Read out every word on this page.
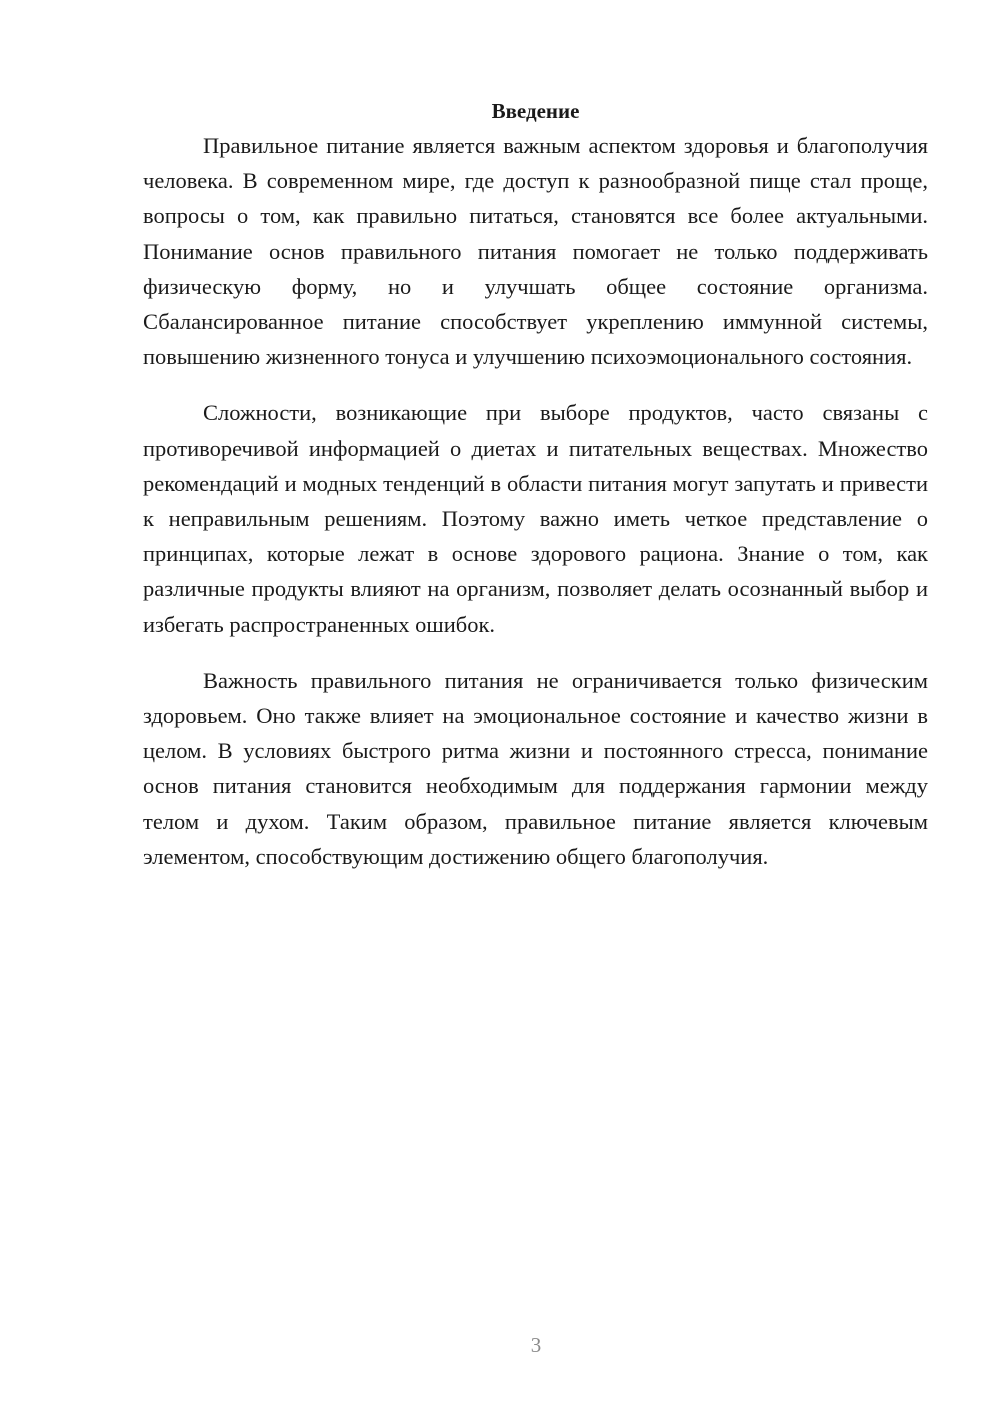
Введение

Правильное питание является важным аспектом здоровья и благополучия человека. В современном мире, где доступ к разнообразной пище стал проще, вопросы о том, как правильно питаться, становятся все более актуальными. Понимание основ правильного питания помогает не только поддерживать физическую форму, но и улучшать общее состояние организма. Сбалансированное питание способствует укреплению иммунной системы, повышению жизненного тонуса и улучшению психоэмоционального состояния.

Сложности, возникающие при выборе продуктов, часто связаны с противоречивой информацией о диетах и питательных веществах. Множество рекомендаций и модных тенденций в области питания могут запутать и привести к неправильным решениям. Поэтому важно иметь четкое представление о принципах, которые лежат в основе здорового рациона. Знание о том, как различные продукты влияют на организм, позволяет делать осознанный выбор и избегать распространенных ошибок.

Важность правильного питания не ограничивается только физическим здоровьем. Оно также влияет на эмоциональное состояние и качество жизни в целом. В условиях быстрого ритма жизни и постоянного стресса, понимание основ питания становится необходимым для поддержания гармонии между телом и духом. Таким образом, правильное питание является ключевым элементом, способствующим достижению общего благополучия.

3
